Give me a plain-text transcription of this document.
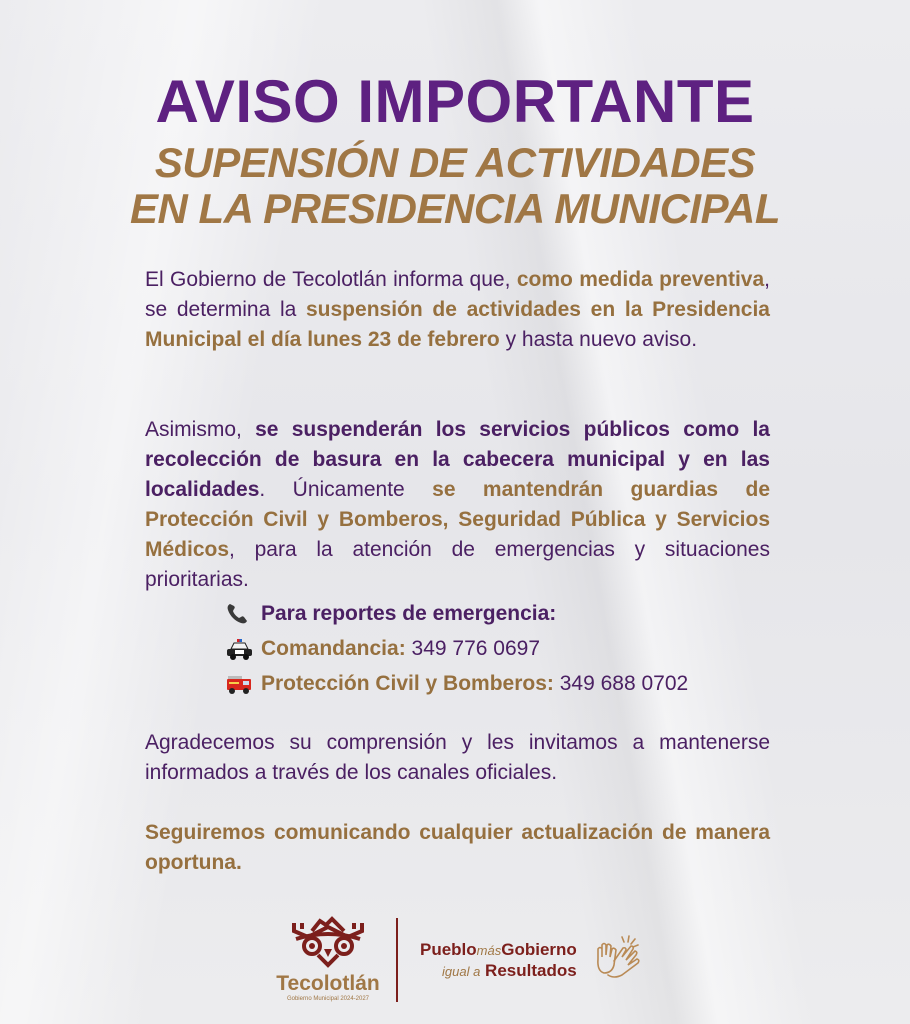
AVISO IMPORTANTE
SUPENSIÓN DE ACTIVIDADES
EN LA PRESIDENCIA MUNICIPAL
El Gobierno de Tecolotlán informa que, como medida preventiva, se determina la suspensión de actividades en la Presidencia Municipal el día lunes 23 de febrero y hasta nuevo aviso.
Asimismo, se suspenderán los servicios públicos como la recolección de basura en la cabecera municipal y en las localidades. Únicamente se mantendrán guardias de Protección Civil y Bomberos, Seguridad Pública y Servicios Médicos, para la atención de emergencias y situaciones prioritarias.
Para reportes de emergencia:
Comandancia:
349 776 0697
Protección Civil y Bomberos:
349 688 0702
Agradecemos su comprensión y les invitamos a mantenerse informados a través de los canales oficiales.
Seguiremos comunicando cualquier actualización de manera oportuna.
Tecolotlán
Gobierno Municipal 2024-2027
PueblomásGobierno
igual a Resultados
